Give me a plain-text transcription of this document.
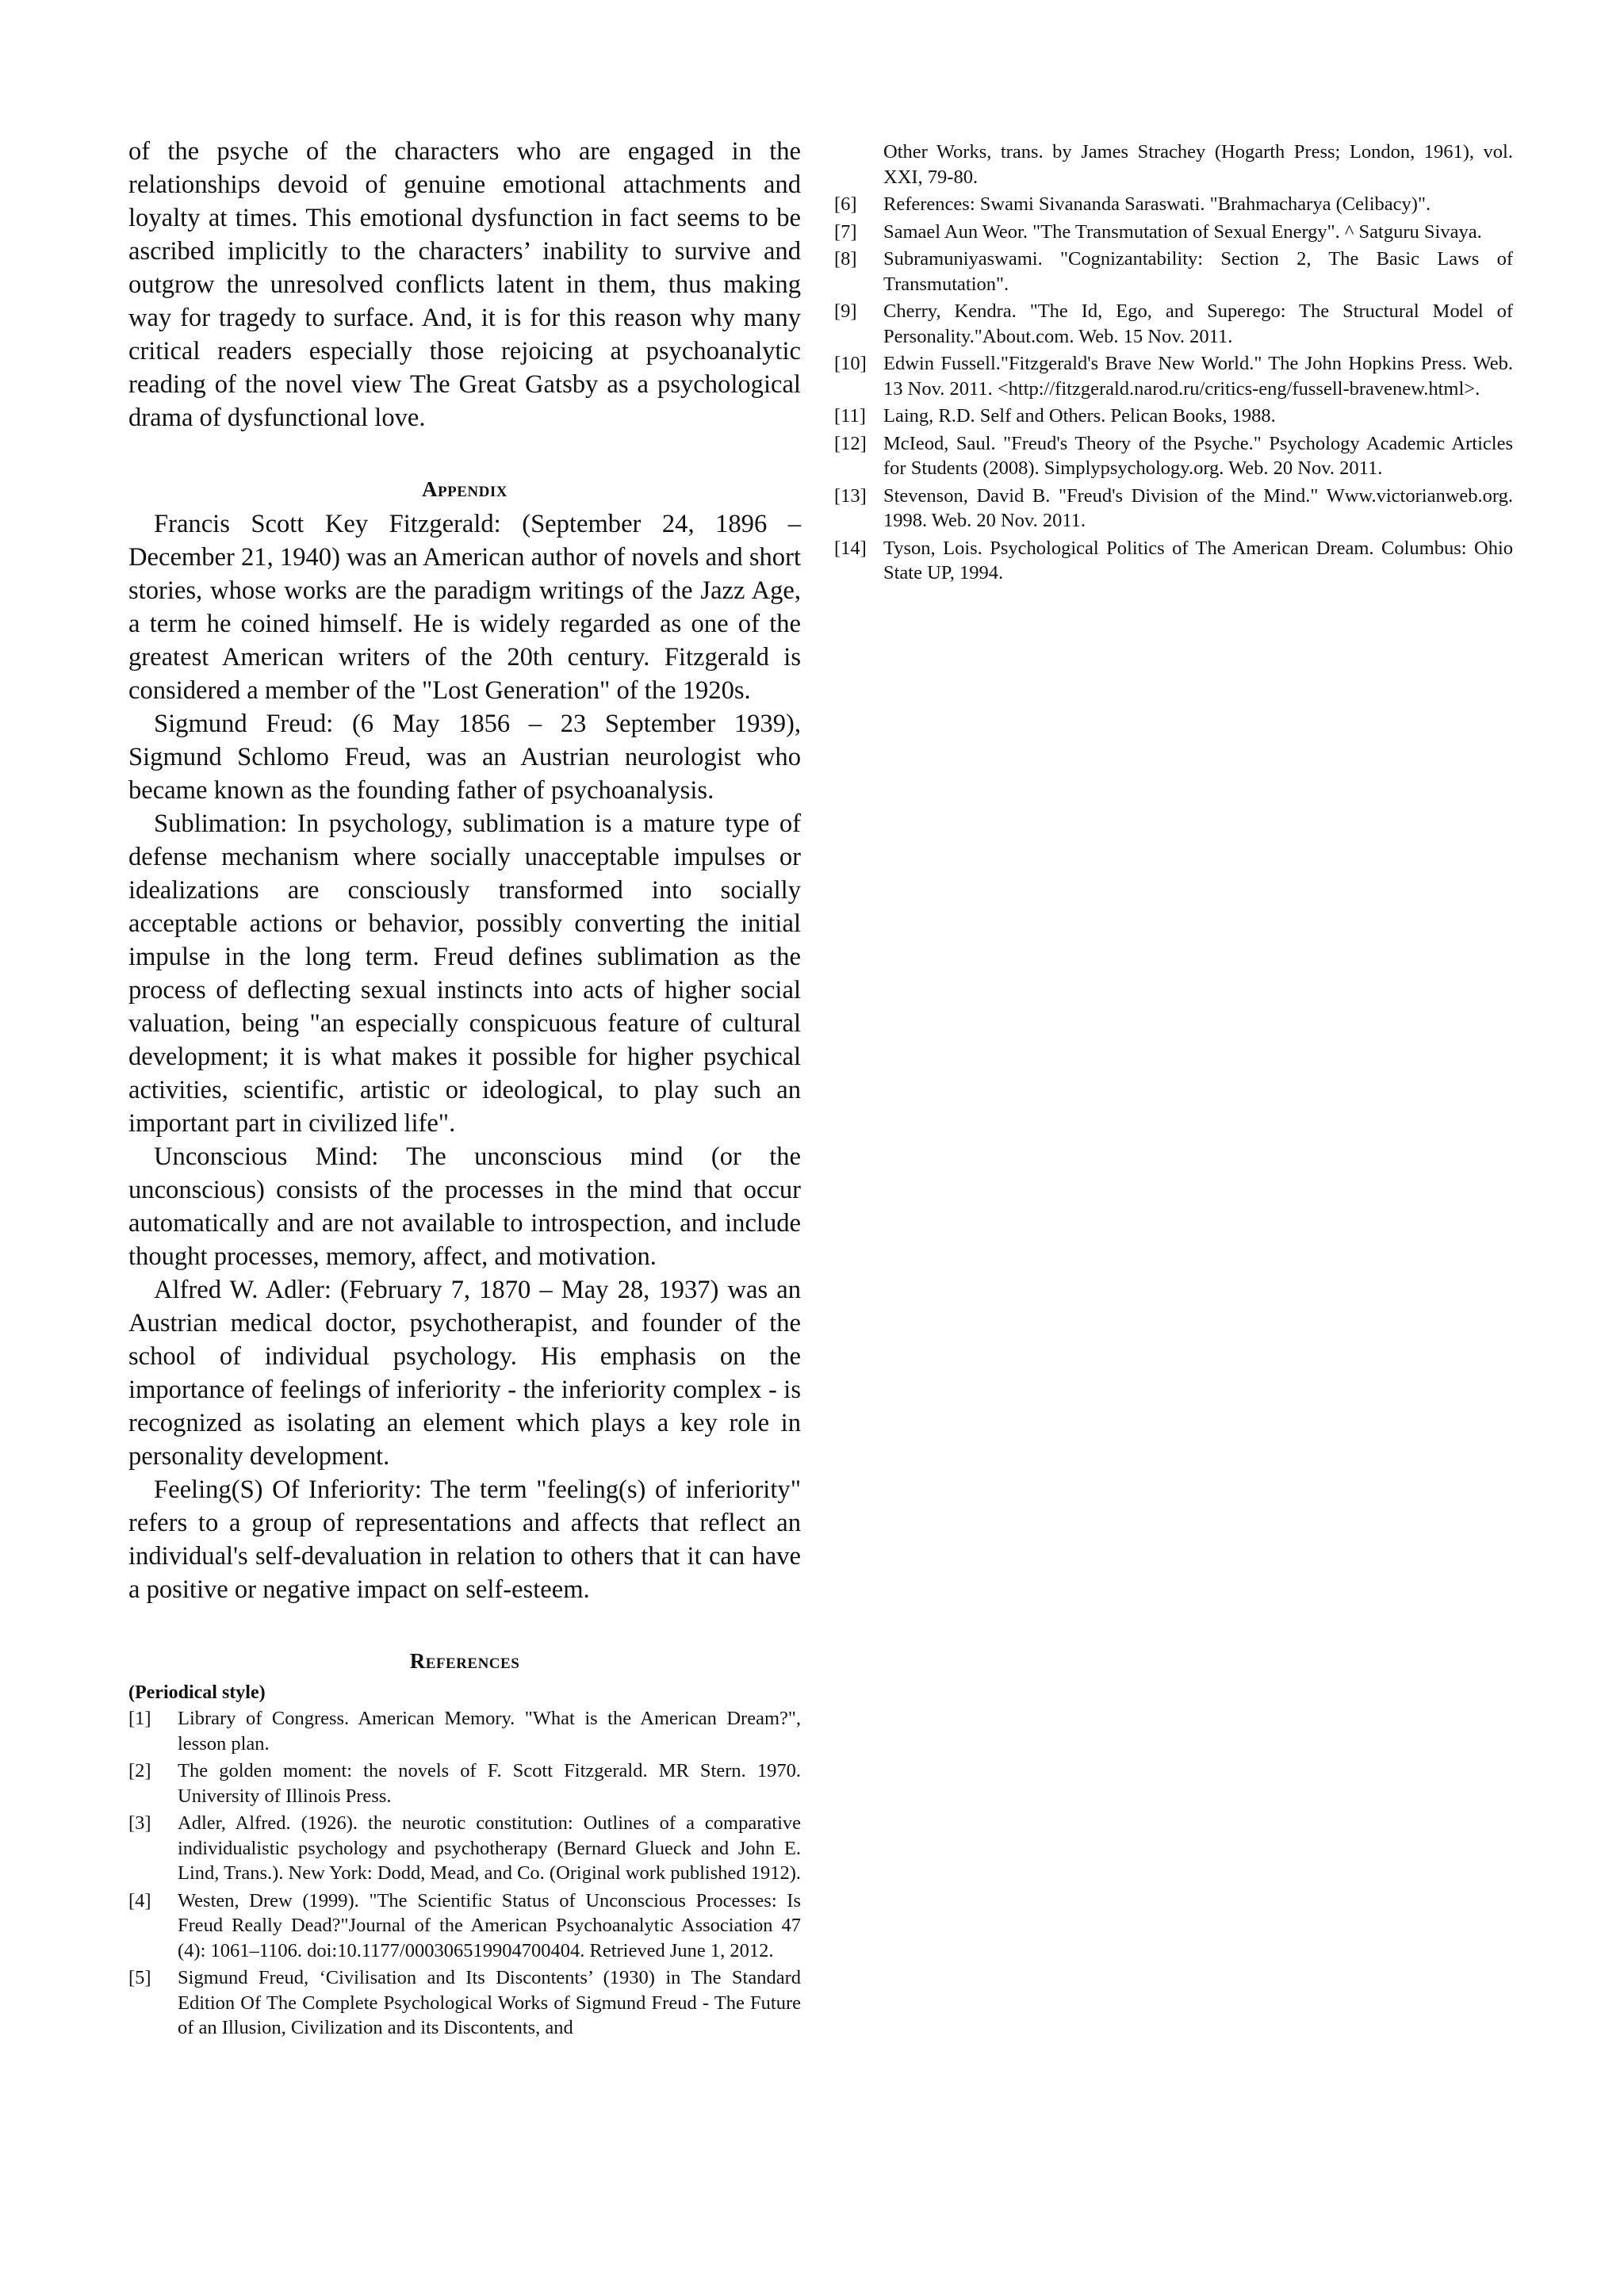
of the psyche of the characters who are engaged in the relationships devoid of genuine emotional attachments and loyalty at times. This emotional dysfunction in fact seems to be ascribed implicitly to the characters’ inability to survive and outgrow the unresolved conflicts latent in them, thus making way for tragedy to surface. And, it is for this reason why many critical readers especially those rejoicing at psychoanalytic reading of the novel view The Great Gatsby as a psychological drama of dysfunctional love.

Appendix

Francis Scott Key Fitzgerald: (September 24, 1896 – December 21, 1940) was an American author of novels and short stories, whose works are the paradigm writings of the Jazz Age, a term he coined himself. He is widely regarded as one of the greatest American writers of the 20th century. Fitzgerald is considered a member of the "Lost Generation" of the 1920s.

Sigmund Freud: (6 May 1856 – 23 September 1939), Sigmund Schlomo Freud, was an Austrian neurologist who became known as the founding father of psychoanalysis.

Sublimation: In psychology, sublimation is a mature type of defense mechanism where socially unacceptable impulses or idealizations are consciously transformed into socially acceptable actions or behavior, possibly converting the initial impulse in the long term. Freud defines sublimation as the process of deflecting sexual instincts into acts of higher social valuation, being "an especially conspicuous feature of cultural development; it is what makes it possible for higher psychical activities, scientific, artistic or ideological, to play such an important part in civilized life".

Unconscious Mind: The unconscious mind (or the unconscious) consists of the processes in the mind that occur automatically and are not available to introspection, and include thought processes, memory, affect, and motivation.

Alfred W. Adler: (February 7, 1870 – May 28, 1937) was an Austrian medical doctor, psychotherapist, and founder of the school of individual psychology. His emphasis on the importance of feelings of inferiority - the inferiority complex - is recognized as isolating an element which plays a key role in personality development.

Feeling(S) Of Inferiority: The term "feeling(s) of inferiority" refers to a group of representations and affects that reflect an individual's self-devaluation in relation to others that it can have a positive or negative impact on self-esteem.

References

(Periodical style)

[1]	Library of Congress. American Memory. "What is the American Dream?", lesson plan.
[2]	The golden moment: the novels of F. Scott Fitzgerald. MR Stern. 1970. University of Illinois Press.
[3]	Adler, Alfred. (1926). the neurotic constitution: Outlines of a comparative individualistic psychology and psychotherapy (Bernard Glueck and John E. Lind, Trans.). New York: Dodd, Mead, and Co. (Original work published 1912).
[4]	Westen, Drew (1999). "The Scientific Status of Unconscious Processes: Is Freud Really Dead?"Journal of the American Psychoanalytic Association 47 (4): 1061–1106. doi:10.1177/000306519904700404. Retrieved June 1, 2012.
[5]	Sigmund Freud, ‘Civilisation and Its Discontents’ (1930) in The Standard Edition Of The Complete Psychological Works of Sigmund Freud - The Future of an Illusion, Civilization and its Discontents, and
Other Works, trans. by James Strachey (Hogarth Press; London, 1961), vol. XXI, 79-80.
[6]	References: Swami Sivananda Saraswati. "Brahmacharya (Celibacy)".
[7]	Samael Aun Weor. "The Transmutation of Sexual Energy". ^ Satguru Sivaya.
[8]	Subramuniyaswami. "Cognizantability: Section 2, The Basic Laws of Transmutation".
[9]	Cherry, Kendra. "The Id, Ego, and Superego: The Structural Model of Personality."About.com. Web. 15 Nov. 2011.
[10] Edwin Fussell."Fitzgerald's Brave New World." The John Hopkins Press. Web. 13 Nov. 2011. <http://fitzgerald.narod.ru/critics-eng/fussell-bravenew.html>.
[11] Laing, R.D. Self and Others. Pelican Books, 1988.
[12] McIeod, Saul. "Freud's Theory of the Psyche." Psychology Academic Articles for Students (2008). Simplypsychology.org. Web. 20 Nov. 2011.
[13] Stevenson, David B. "Freud's Division of the Mind." Www.victorianweb.org. 1998. Web. 20 Nov. 2011.
[14] Tyson, Lois. Psychological Politics of The American Dream. Columbus: Ohio State UP, 1994.
